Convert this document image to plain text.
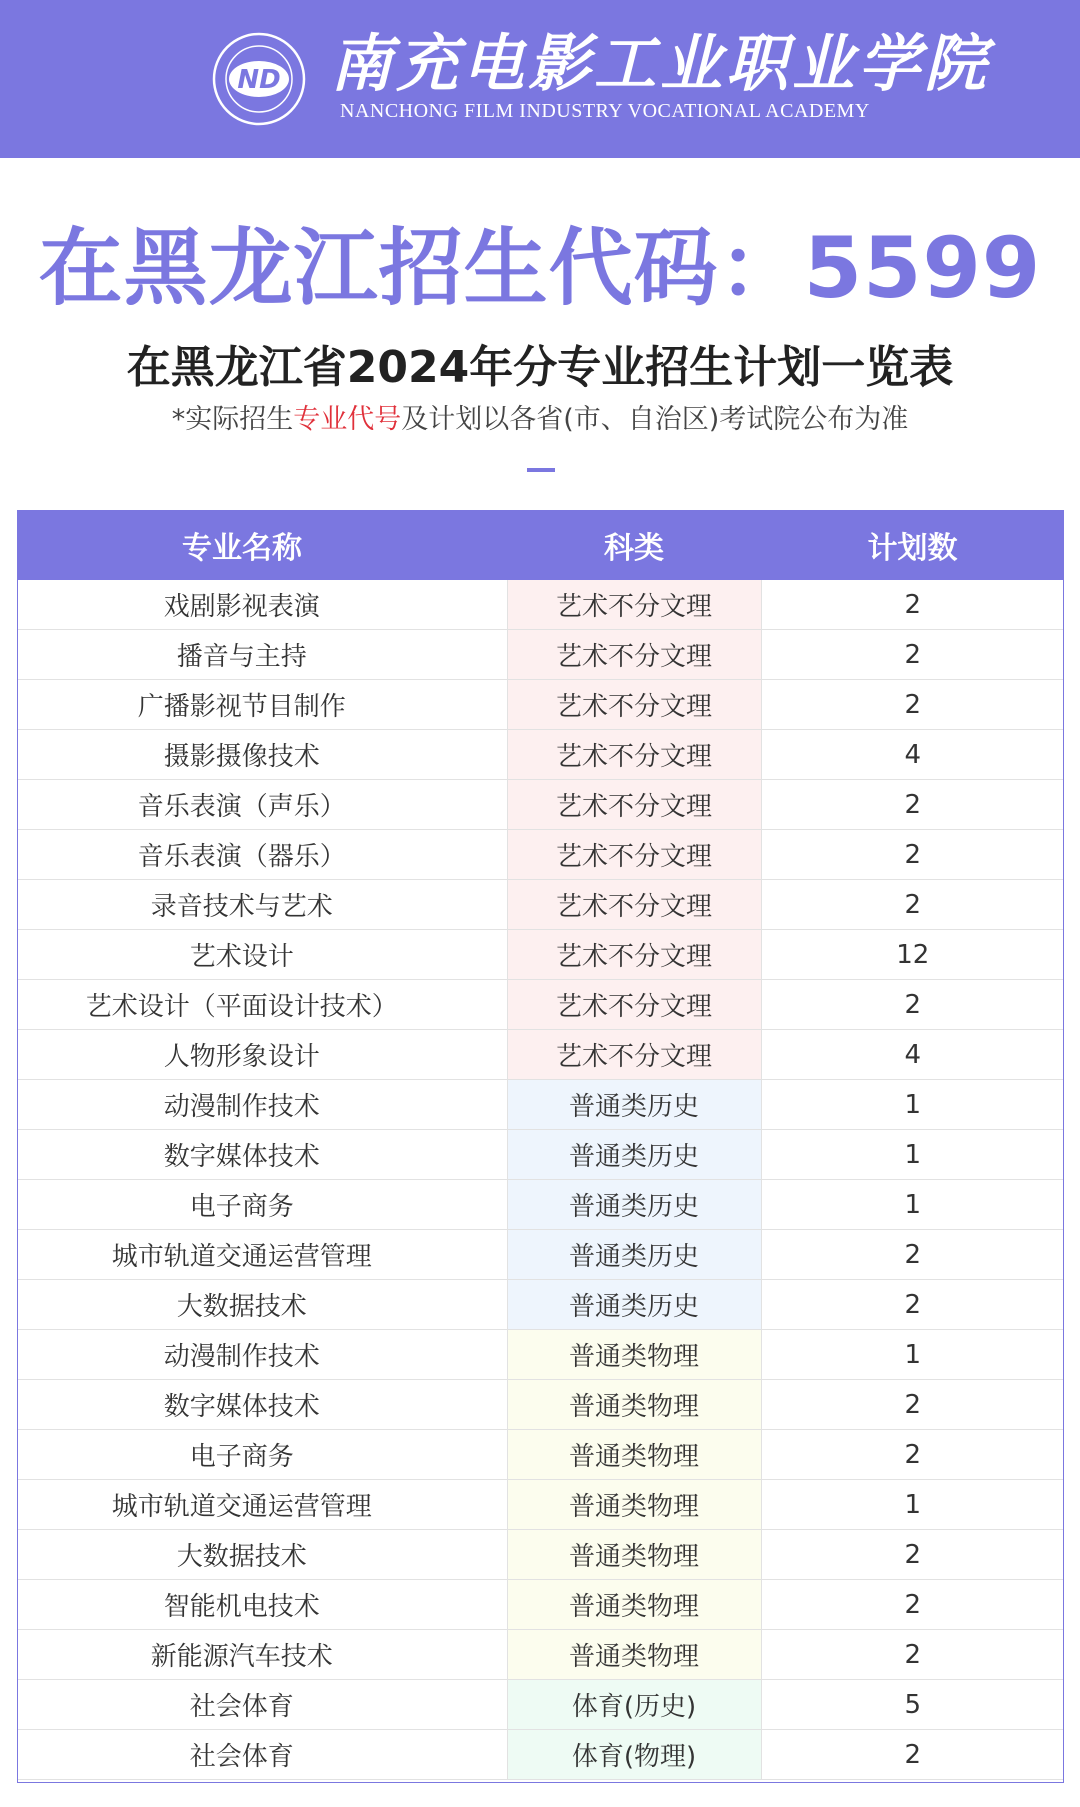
ND 南充电影工业职业学院
NANCHONG FILM INDUSTRY VOCATIONAL ACADEMY
在黑龙江招生代码：5599
在黑龙江省2024年分专业招生计划一览表
*实际招生专业代号及计划以各省(市、自治区)考试院公布为准
专业名称	科类	计划数
戏剧影视表演	艺术不分文理	2
播音与主持	艺术不分文理	2
广播影视节目制作	艺术不分文理	2
摄影摄像技术	艺术不分文理	4
音乐表演（声乐）	艺术不分文理	2
音乐表演（器乐）	艺术不分文理	2
录音技术与艺术	艺术不分文理	2
艺术设计	艺术不分文理	12
艺术设计（平面设计技术）	艺术不分文理	2
人物形象设计	艺术不分文理	4
动漫制作技术	普通类历史	1
数字媒体技术	普通类历史	1
电子商务	普通类历史	1
城市轨道交通运营管理	普通类历史	2
大数据技术	普通类历史	2
动漫制作技术	普通类物理	1
数字媒体技术	普通类物理	2
电子商务	普通类物理	2
城市轨道交通运营管理	普通类物理	1
大数据技术	普通类物理	2
智能机电技术	普通类物理	2
新能源汽车技术	普通类物理	2
社会体育	体育(历史)	5
社会体育	体育(物理)	2
